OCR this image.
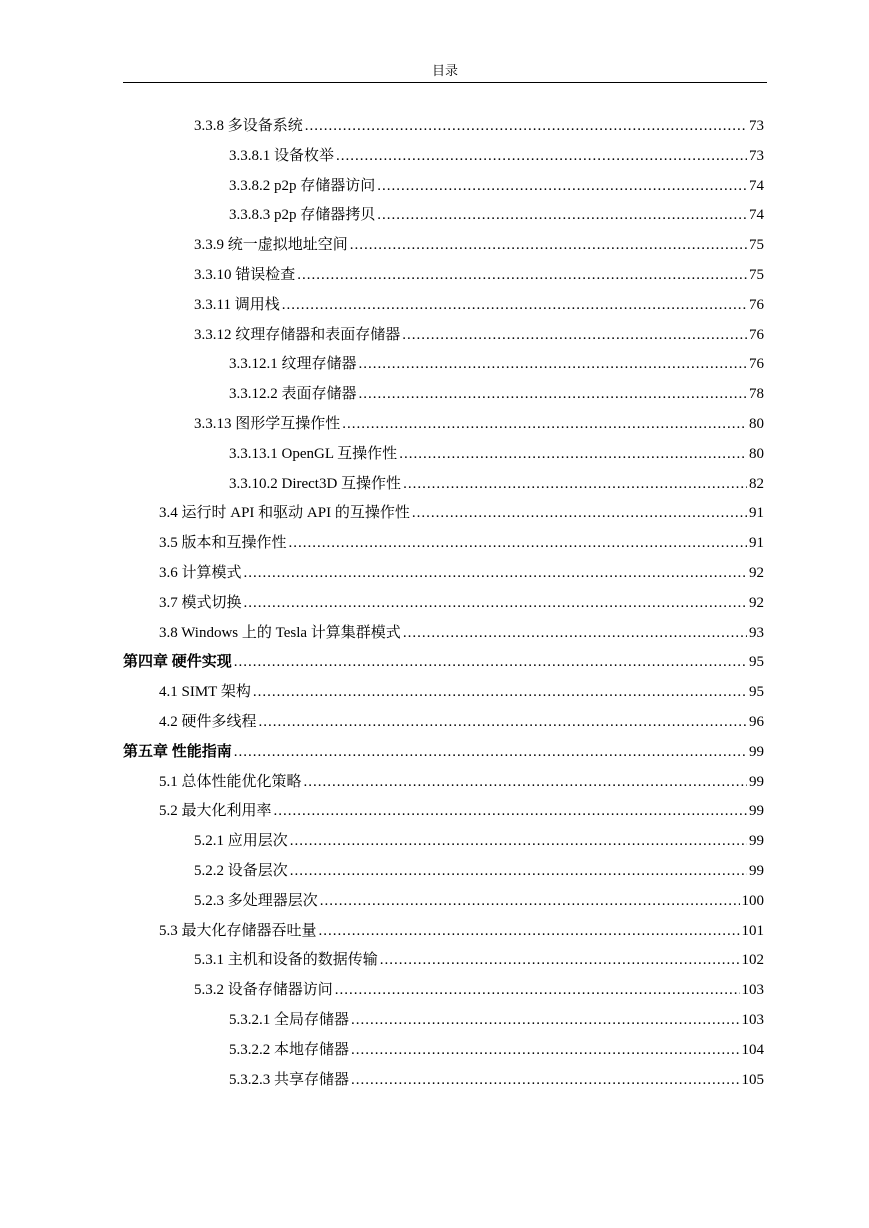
目录
3.3.8 多设备系统 .....	73
3.3.8.1 设备枚举 .....	73
3.3.8.2 p2p 存储器访问 .....	74
3.3.8.3 p2p 存储器拷贝 .....	74
3.3.9 统一虚拟地址空间 .....	75
3.3.10 错误检查 .....	75
3.3.11 调用栈 .....	76
3.3.12 纹理存储器和表面存储器 .....	76
3.3.12.1 纹理存储器 .....	76
3.3.12.2 表面存储器 .....	78
3.3.13 图形学互操作性 .....	80
3.3.13.1 OpenGL 互操作性 .....	80
3.3.10.2 Direct3D 互操作性 .....	82
3.4 运行时 API 和驱动 API 的互操作性 .....	91
3.5 版本和互操作性 .....	91
3.6 计算模式 .....	92
3.7 模式切换 .....	92
3.8 Windows 上的 Tesla 计算集群模式 .....	93
第四章 硬件实现 .....	95
4.1 SIMT 架构 .....	95
4.2 硬件多线程 .....	96
第五章 性能指南 .....	99
5.1 总体性能优化策略 .....	99
5.2 最大化利用率 .....	99
5.2.1 应用层次 .....	99
5.2.2 设备层次 .....	99
5.2.3 多处理器层次 .....	100
5.3 最大化存储器吞吐量 .....	101
5.3.1 主机和设备的数据传输 .....	102
5.3.2 设备存储器访问 .....	103
5.3.2.1 全局存储器 .....	103
5.3.2.2 本地存储器 .....	104
5.3.2.3 共享存储器 .....	105
